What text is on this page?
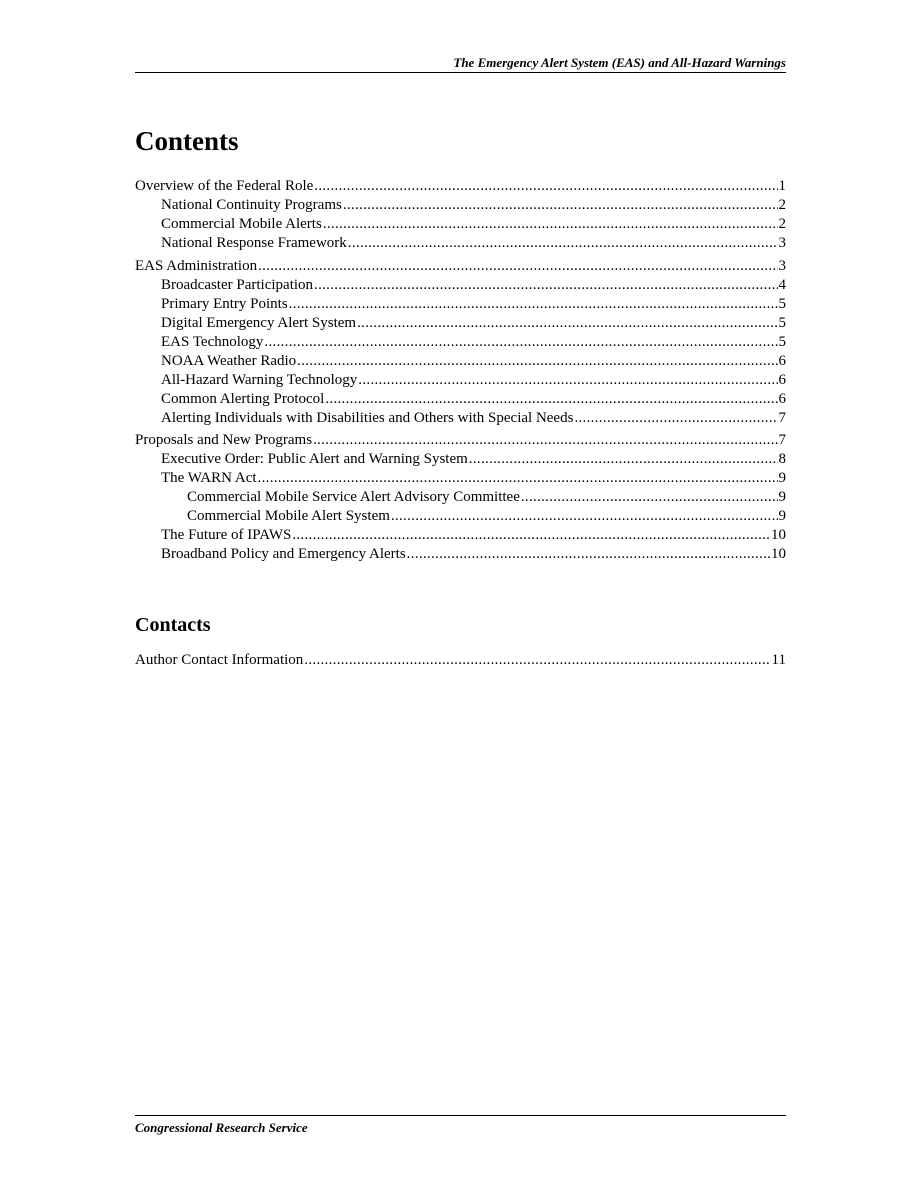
The Emergency Alert System (EAS) and All-Hazard Warnings
Contents
Overview of the Federal Role .....	1
National Continuity Programs .....	2
Commercial Mobile Alerts .....	2
National Response Framework .....	3
EAS Administration .....	3
Broadcaster Participation .....	4
Primary Entry Points .....	5
Digital Emergency Alert System .....	5
EAS Technology .....	5
NOAA Weather Radio .....	6
All-Hazard Warning Technology .....	6
Common Alerting Protocol .....	6
Alerting Individuals with Disabilities and Others with Special Needs .....	7
Proposals and New Programs .....	7
Executive Order: Public Alert and Warning System .....	8
The WARN Act .....	9
Commercial Mobile Service Alert Advisory Committee .....	9
Commercial Mobile Alert System .....	9
The Future of IPAWS .....	10
Broadband Policy and Emergency Alerts .....	10
Contacts
Author Contact Information .....	11
Congressional Research Service
